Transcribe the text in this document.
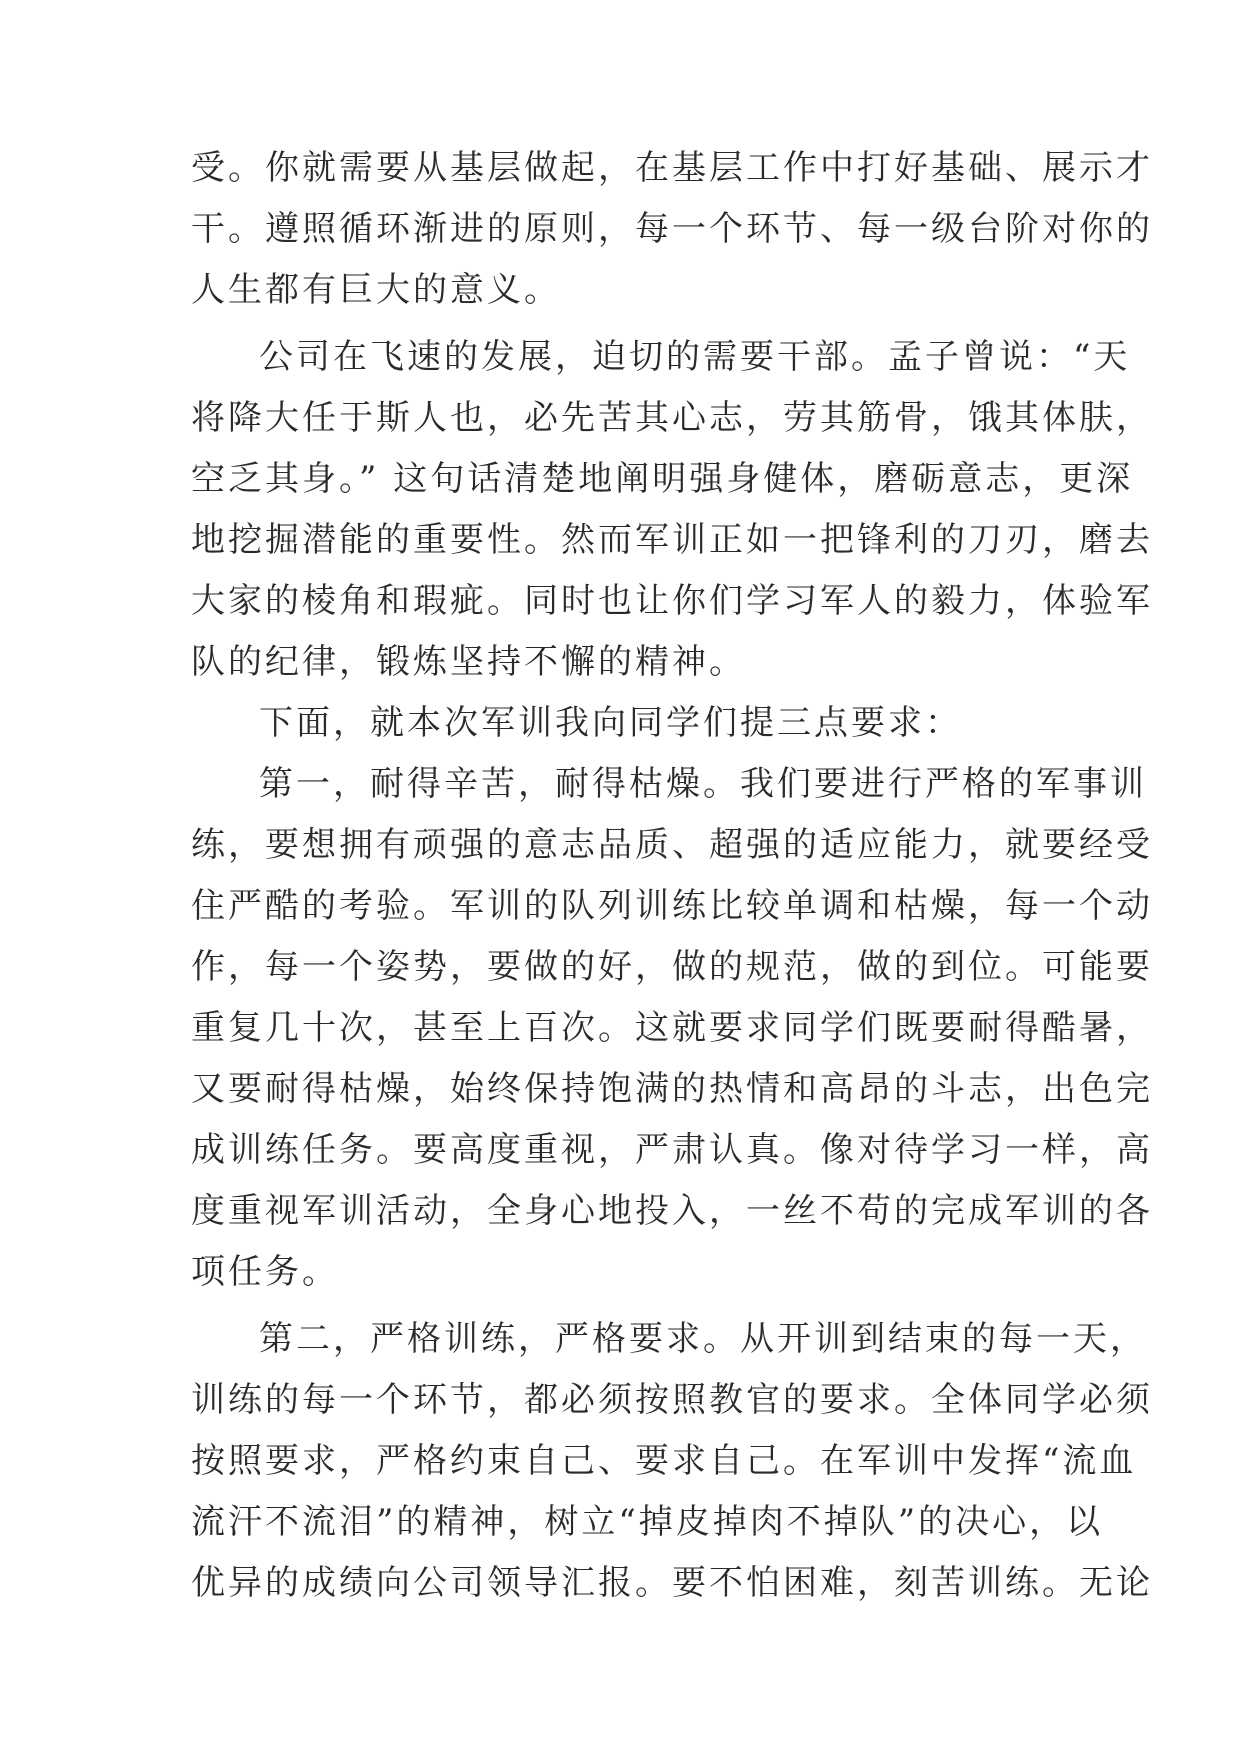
受。你就需要从基层做起，在基层工作中打好基础、展示才
干。遵照循环渐进的原则，每一个环节、每一级台阶对你的
人生都有巨大的意义。
公司在飞速的发展，迫切的需要干部。孟子曾说：“天
将降大任于斯人也，必先苦其心志，劳其筋骨，饿其体肤，
空乏其身。” 这句话清楚地阐明强身健体，磨砺意志，更深
地挖掘潜能的重要性。然而军训正如一把锋利的刀刃，磨去
大家的棱角和瑕疵。同时也让你们学习军人的毅力，体验军
队的纪律，锻炼坚持不懈的精神。
下面，就本次军训我向同学们提三点要求：
第一，耐得辛苦，耐得枯燥。我们要进行严格的军事训
练，要想拥有顽强的意志品质、超强的适应能力，就要经受
住严酷的考验。军训的队列训练比较单调和枯燥，每一个动
作，每一个姿势，要做的好，做的规范，做的到位。可能要
重复几十次，甚至上百次。这就要求同学们既要耐得酷暑，
又要耐得枯燥，始终保持饱满的热情和高昂的斗志，出色完
成训练任务。要高度重视，严肃认真。像对待学习一样，高
度重视军训活动，全身心地投入，一丝不苟的完成军训的各
项任务。
第二，严格训练，严格要求。从开训到结束的每一天，
训练的每一个环节，都必须按照教官的要求。全体同学必须
按照要求，严格约束自己、要求自己。在军训中发挥“流血
流汗不流泪”的精神，树立“掉皮掉肉不掉队”的决心，以
优异的成绩向公司领导汇报。要不怕困难，刻苦训练。无论
